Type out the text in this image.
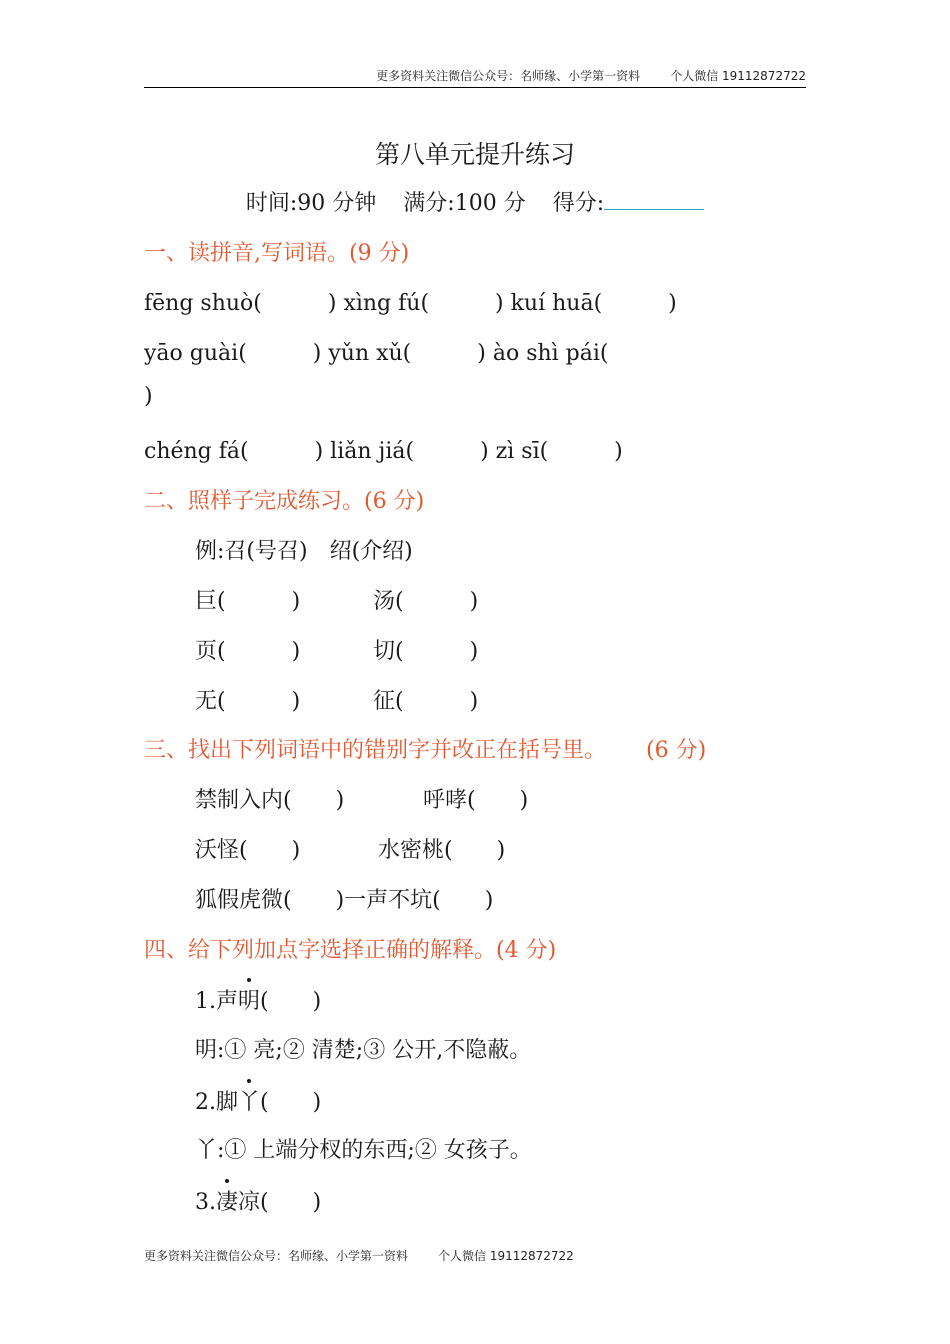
更多资料关注微信公众号：名师缘、小学第一资料	个人微信 19112872722
第八单元提升练习
时间:90 分钟 满分:100 分 得分:
一、读拼音,写词语。(9 分)
fēng shuò(　　　) xìng fú(　　　) kuí huā(　　　)
yāo guài(　　　) yǔn xǔ(　　　) ào shì pái(
)
chéng fá(　　　) liǎn jiá(　　　) zì sī(　　　)
二、照样子完成练习。(6 分)
例:召(号召)　绍(介绍)
巨(　　　)	汤(　　　)
页(　　　)	切(　　　)
无(　　　)	征(　　　)
三、找出下列词语中的错别字并改正在括号里。 (6 分)
禁制入内(　　)	呼哮(　　)
沃怪(　　)	水密桃(　　)
狐假虎微(　　)一声不坑(　　)
四、给下列加点字选择正确的解释。(4 分)
1.声明(　　)
明:① 亮;② 清楚;③ 公开,不隐蔽。
2.脚丫(　　)
丫:① 上端分杈的东西;② 女孩子。
3.凄凉(　　)
更多资料关注微信公众号：名师缘、小学第一资料	个人微信 19112872722
